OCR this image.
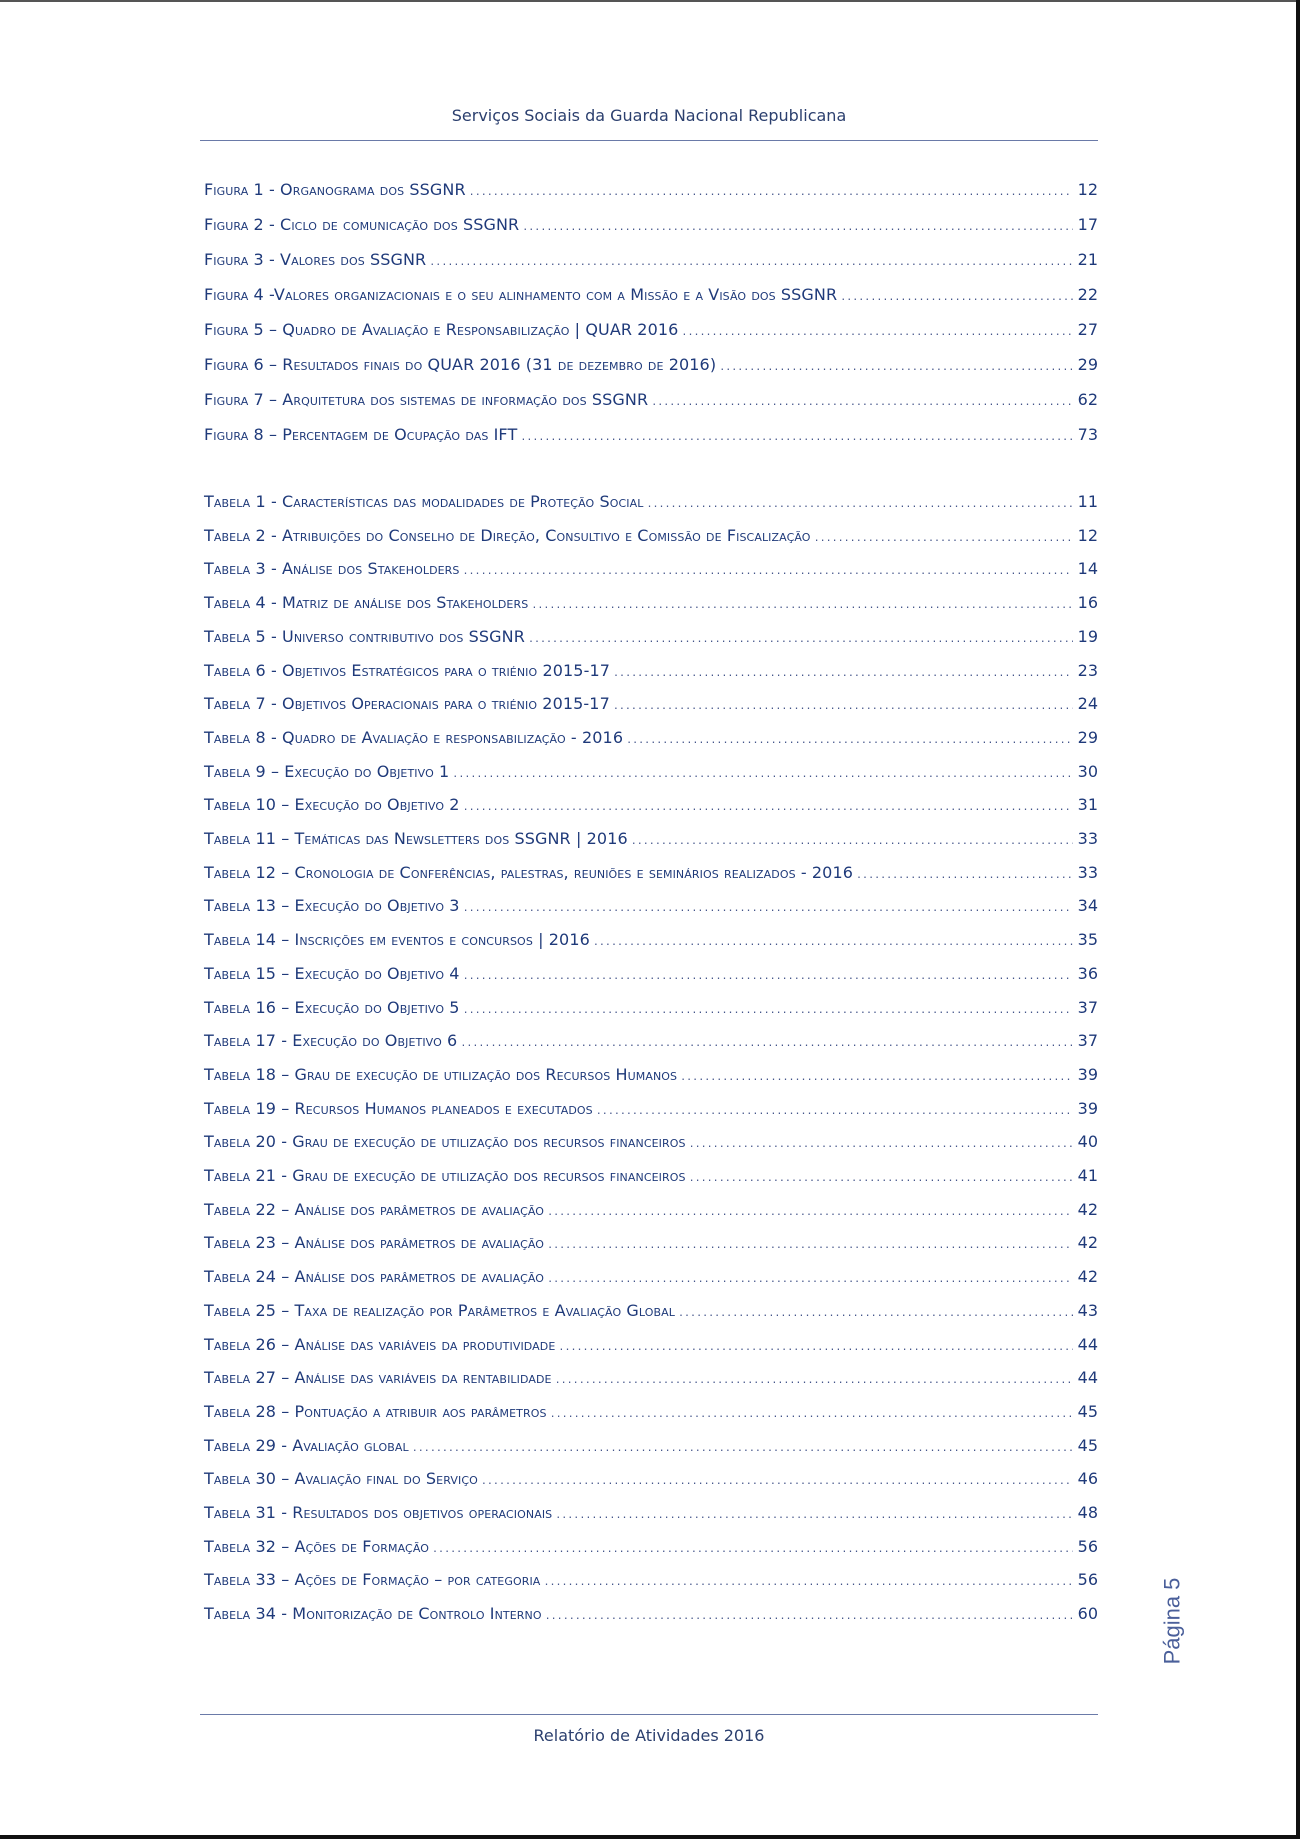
Serviços Sociais da Guarda Nacional Republicana
Figura 1 - Organograma dos SSGNR .....	12
Figura 2 - Ciclo de comunicação dos SSGNR .....	17
Figura 3 - Valores dos SSGNR .....	21
Figura 4 -Valores organizacionais e o seu alinhamento com a Missão e a Visão dos SSGNR .....	22
Figura 5 – Quadro de Avaliação e Responsabilização | QUAR 2016 .....	27
Figura 6 – Resultados finais do QUAR 2016 (31 de dezembro de 2016) .....	29
Figura 7 – Arquitetura dos sistemas de informação dos SSGNR .....	62
Figura 8 – Percentagem de Ocupação das IFT .....	73
Tabela 1 - Características das modalidades de Proteção Social .....	11
Tabela 2 - Atribuições do Conselho de Direção, Consultivo e Comissão de Fiscalização .....	12
Tabela 3 - Análise dos Stakeholders .....	14
Tabela 4 - Matriz de análise dos Stakeholders .....	16
Tabela 5 - Universo contributivo dos SSGNR .....	19
Tabela 6 - Objetivos Estratégicos para o triénio 2015-17 .....	23
Tabela 7 - Objetivos Operacionais para o triénio 2015-17 .....	24
Tabela 8 - Quadro de Avaliação e responsabilização - 2016 .....	29
Tabela 9 – Execução do Objetivo 1 .....	30
Tabela 10 – Execução do Objetivo 2 .....	31
Tabela 11 – Temáticas das Newsletters dos SSGNR | 2016 .....	33
Tabela 12 – Cronologia de Conferências, palestras, reuniões e seminários realizados - 2016 .....	33
Tabela 13 – Execução do Objetivo 3 .....	34
Tabela 14 – Inscrições em eventos e concursos | 2016 .....	35
Tabela 15 – Execução do Objetivo 4 .....	36
Tabela 16 – Execução do Objetivo 5 .....	37
Tabela 17 - Execução do Objetivo 6 .....	37
Tabela 18 – Grau de execução de utilização dos Recursos Humanos .....	39
Tabela 19 – Recursos Humanos planeados e executados .....	39
Tabela 20 - Grau de execução de utilização dos recursos financeiros .....	40
Tabela 21 - Grau de execução de utilização dos recursos financeiros .....	41
Tabela 22 – Análise dos parâmetros de avaliação .....	42
Tabela 23 – Análise dos parâmetros de avaliação .....	42
Tabela 24 – Análise dos parâmetros de avaliação .....	42
Tabela 25 – Taxa de realização por Parâmetros e Avaliação Global .....	43
Tabela 26 – Análise das variáveis da produtividade .....	44
Tabela 27 – Análise das variáveis da rentabilidade .....	44
Tabela 28 – Pontuação a atribuir aos parâmetros .....	45
Tabela 29 - Avaliação global .....	45
Tabela 30 – Avaliação final do Serviço .....	46
Tabela 31 - Resultados dos objetivos operacionais .....	48
Tabela 32 – Ações de Formação .....	56
Tabela 33 – Ações de Formação – por categoria .....	56
Tabela 34 - Monitorização de Controlo Interno .....	60
Relatório de Atividades 2016
Página 5
